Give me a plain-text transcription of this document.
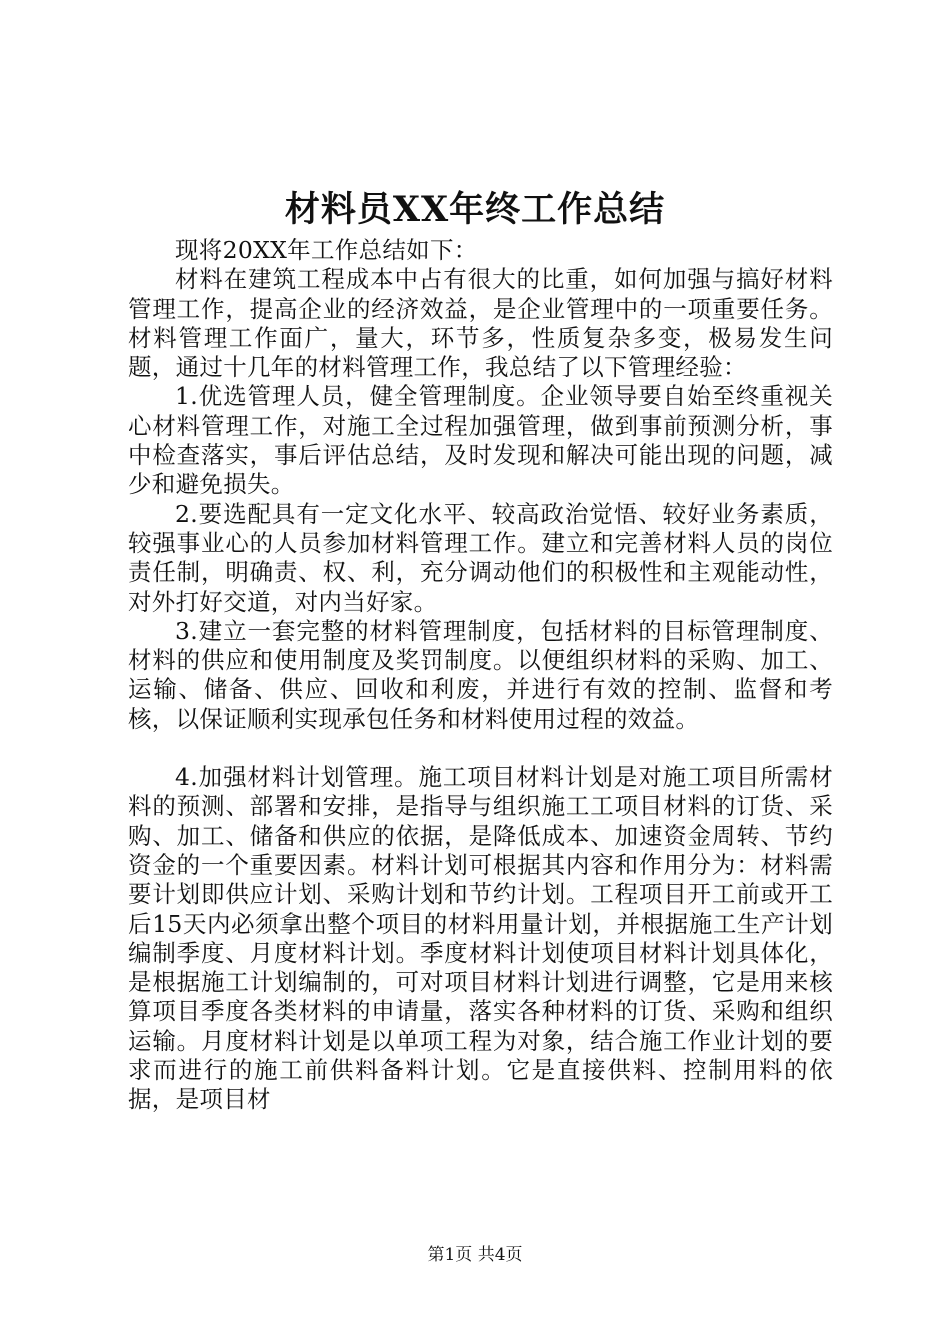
材料员XX年终工作总结

现将20XX年工作总结如下：

材料在建筑工程成本中占有很大的比重，如何加强与搞好材料管理工作，提高企业的经济效益，是企业管理中的一项重要任务。材料管理工作面广，量大，环节多，性质复杂多变，极易发生问题，通过十几年的材料管理工作，我总结了以下管理经验：

1.优选管理人员，健全管理制度。企业领导要自始至终重视关心材料管理工作，对施工全过程加强管理，做到事前预测分析，事中检查落实，事后评估总结，及时发现和解决可能出现的问题，减少和避免损失。

2.要选配具有一定文化水平、较高政治觉悟、较好业务素质，较强事业心的人员参加材料管理工作。建立和完善材料人员的岗位责任制，明确责、权、利，充分调动他们的积极性和主观能动性，对外打好交道，对内当好家。

3.建立一套完整的材料管理制度，包括材料的目标管理制度、材料的供应和使用制度及奖罚制度。以便组织材料的采购、加工、运输、储备、供应、回收和利废，并进行有效的控制、监督和考核，以保证顺利实现承包任务和材料使用过程的效益。

4.加强材料计划管理。施工项目材料计划是对施工项目所需材料的预测、部署和安排，是指导与组织施工工项目材料的订货、采购、加工、储备和供应的依据，是降低成本、加速资金周转、节约资金的一个重要因素。材料计划可根据其内容和作用分为：材料需要计划即供应计划、采购计划和节约计划。工程项目开工前或开工后15天内必须拿出整个项目的材料用量计划，并根据施工生产计划编制季度、月度材料计划。季度材料计划使项目材料计划具体化，是根据施工计划编制的，可对项目材料计划进行调整，它是用来核算项目季度各类材料的申请量，落实各种材料的订货、采购和组织运输。月度材料计划是以单项工程为对象，结合施工作业计划的要求而进行的施工前供料备料计划。它是直接供料、控制用料的依据，是项目材

第1页 共4页
